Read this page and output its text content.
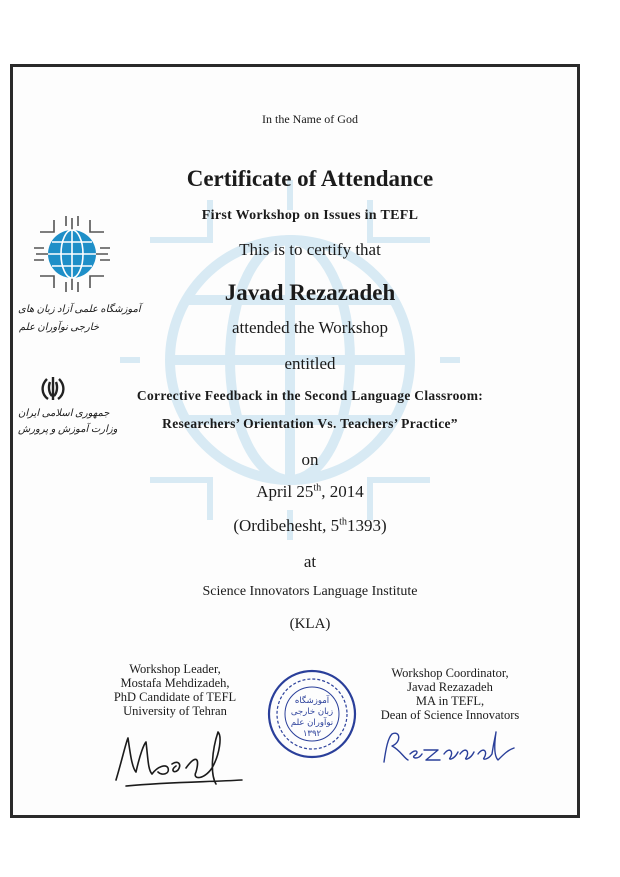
آموزشگاه علمی آزاد زبان های
خارجی نوآوران علم
جمهوری اسلامی ایران
وزارت آموزش و پرورش
In the Name of God
Certificate of Attendance
First Workshop on Issues in TEFL
This is to certify that
Javad Rezazadeh
attended the Workshop
entitled
Corrective Feedback in the Second Language Classroom:
Researchers’ Orientation Vs. Teachers’ Practice”
on
April 25th, 2014
(Ordibehesht, 5th1393)
at
Science Innovators Language Institute
(KLA)
Workshop Leader,
Mostafa Mehdizadeh,
PhD Candidate of TEFL
University of Tehran
Workshop Coordinator,
Javad Rezazadeh
MA in TEFL,
Dean of Science Innovators
آموزشگاه
زبان خارجی
نوآوران علم
۱۳۹۲
